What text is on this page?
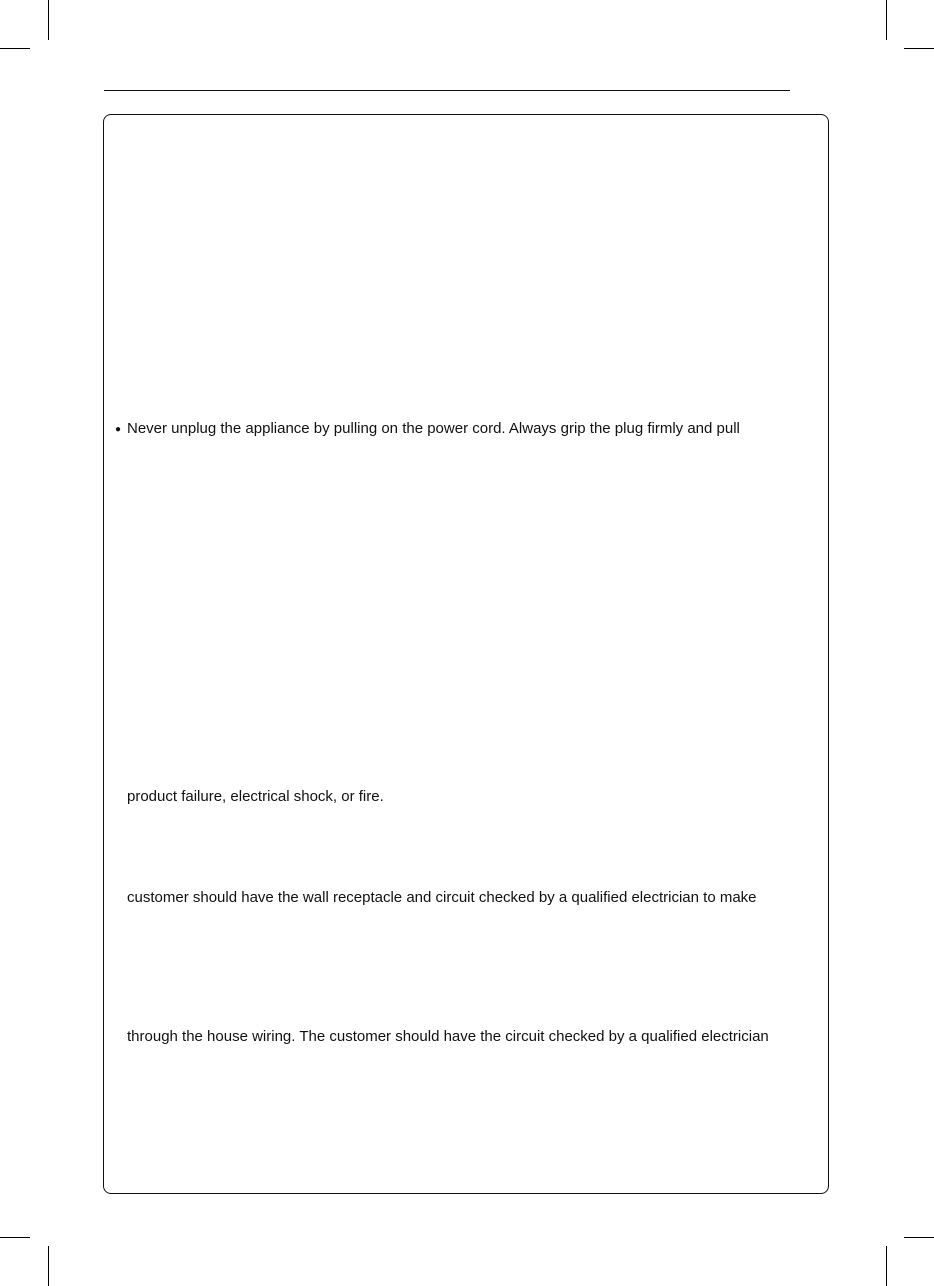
● Never unplug the appliance by pulling on the power cord. Always grip the plug firmly and pull
product failure, electrical shock, or fire.
customer should have the wall receptacle and circuit checked by a qualified electrician to make
through the house wiring. The customer should have the circuit checked by a qualified electrician
